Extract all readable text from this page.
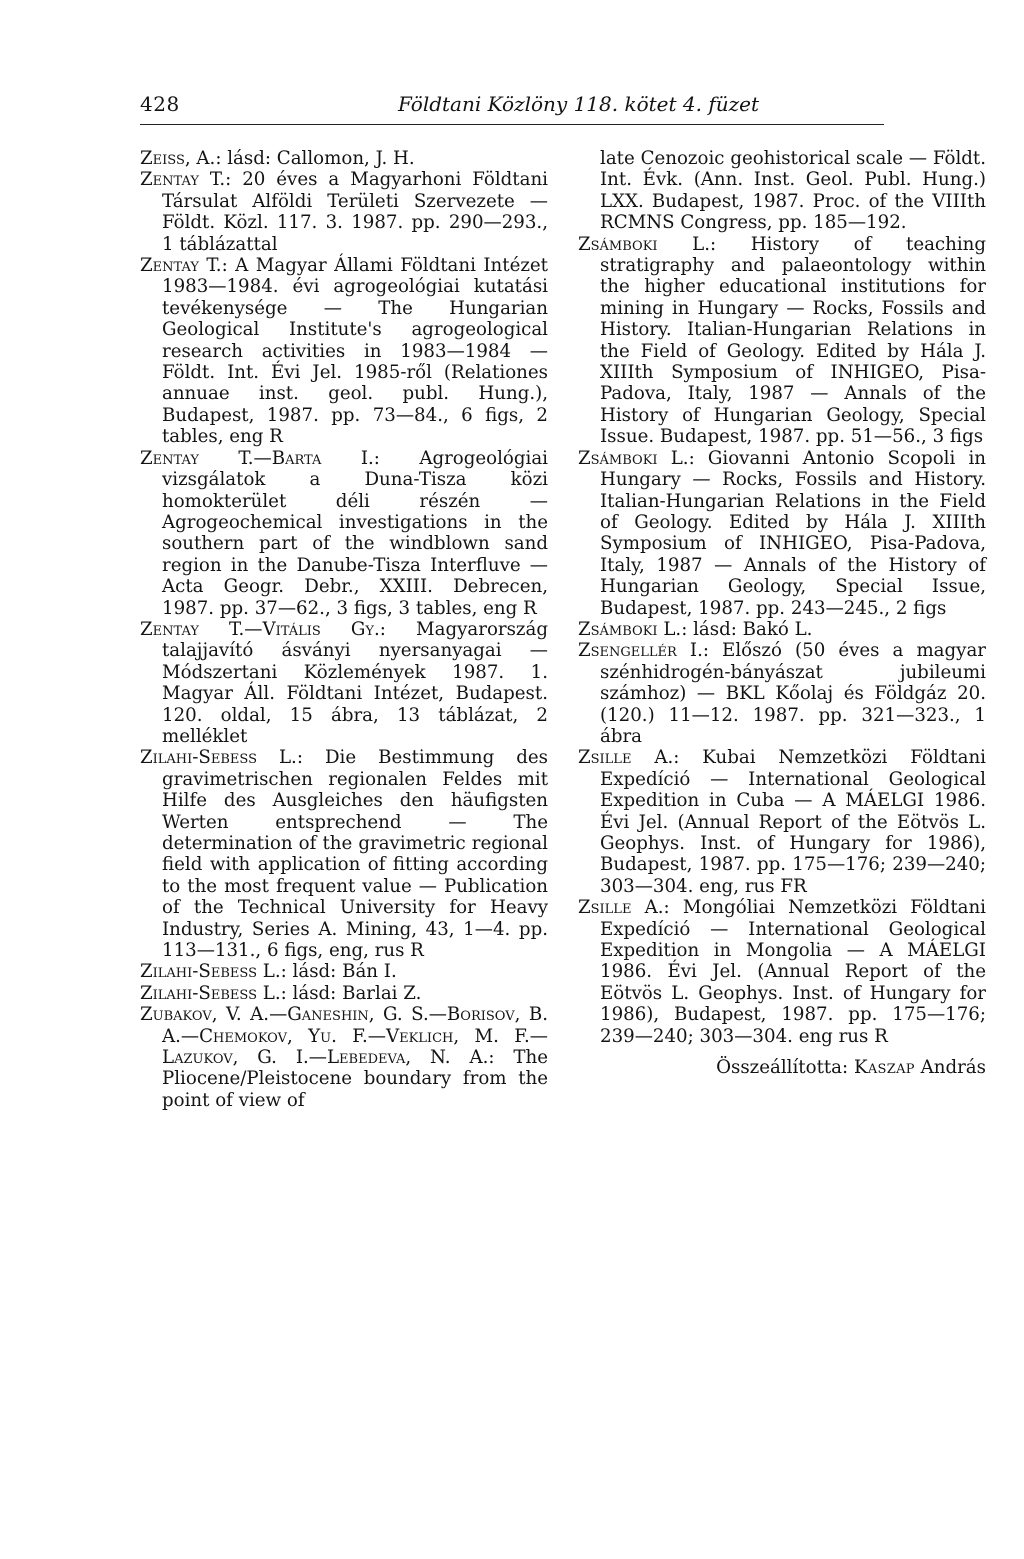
428	Földtani Közlöny 118. kötet 4. füzet

Zeiss, A.: lásd: Callomon, J. H.

Zentay T.: 20 éves a Magyarhoni Földtani Társulat Alföldi Területi Szervezete — Földt. Közl. 117. 3. 1987. pp. 290—293., 1 táblázattal

Zentay T.: A Magyar Állami Földtani Intézet 1983—1984. évi agrogeológiai kutatási tevékenysége — The Hungarian Geological Institute's agrogeological research activities in 1983—1984 — Földt. Int. Évi Jel. 1985-ről (Relationes annuae inst. geol. publ. Hung.), Budapest, 1987. pp. 73—84., 6 figs, 2 tables, eng R

Zentay T.—Barta I.: Agrogeológiai vizsgálatok a Duna-Tisza közi homokterület déli részén — Agrogeochemical investigations in the southern part of the windblown sand region in the Danube-Tisza Interfluve — Acta Geogr. Debr., XXIII. Debrecen, 1987. pp. 37—62., 3 figs, 3 tables, eng R

Zentay T.—Vitális Gy.: Magyarország talajjavító ásványi nyersanyagai — Módszertani Közlemények 1987. 1. Magyar Áll. Földtani Intézet, Budapest. 120. oldal, 15 ábra, 13 táblázat, 2 melléklet

Zilahi-Sebess L.: Die Bestimmung des gravimetrischen regionalen Feldes mit Hilfe des Ausgleiches den häufigsten Werten entsprechend — The determination of the gravimetric regional field with application of fitting according to the most frequent value — Publication of the Technical University for Heavy Industry, Series A. Mining, 43, 1—4. pp. 113—131., 6 figs, eng, rus R

Zilahi-Sebess L.: lásd: Bán I.

Zilahi-Sebess L.: lásd: Barlai Z.

Zubakov, V. A.—Ganeshin, G. S.—Borisov, B. A.—Chemokov, Yu. F.—Veklich, M. F.—Lazukov, G. I.—Lebedeva, N. A.: The Pliocene/Pleistocene boundary from the point of view of

late Cenozoic geohistorical scale — Földt. Int. Évk. (Ann. Inst. Geol. Publ. Hung.) LXX. Budapest, 1987. Proc. of the VIIIth RCMNS Congress, pp. 185—192.

Zsámboki L.: History of teaching stratigraphy and palaeontology within the higher educational institutions for mining in Hungary — Rocks, Fossils and History. Italian-Hungarian Relations in the Field of Geology. Edited by Hála J. XIIIth Symposium of INHIGEO, Pisa-Padova, Italy, 1987 — Annals of the History of Hungarian Geology, Special Issue. Budapest, 1987. pp. 51—56., 3 figs

Zsámboki L.: Giovanni Antonio Scopoli in Hungary — Rocks, Fossils and History. Italian-Hungarian Relations in the Field of Geology. Edited by Hála J. XIIIth Symposium of INHIGEO, Pisa-Padova, Italy, 1987 — Annals of the History of Hungarian Geology, Special Issue, Budapest, 1987. pp. 243—245., 2 figs

Zsámboki L.: lásd: Bakó L.

Zsengellér I.: Előszó (50 éves a magyar szénhidrogén-bányászat jubileumi számhoz) — BKL Kőolaj és Földgáz 20. (120.) 11—12. 1987. pp. 321—323., 1 ábra

Zsille A.: Kubai Nemzetközi Földtani Expedíció — International Geological Expedition in Cuba — A MÁELGI 1986. Évi Jel. (Annual Report of the Eötvös L. Geophys. Inst. of Hungary for 1986), Budapest, 1987. pp. 175—176; 239—240; 303—304. eng, rus FR

Zsille A.: Mongóliai Nemzetközi Földtani Expedíció — International Geological Expedition in Mongolia — A MÁELGI 1986. Évi Jel. (Annual Report of the Eötvös L. Geophys. Inst. of Hungary for 1986), Budapest, 1987. pp. 175—176; 239—240; 303—304. eng rus R

Összeállította: Kaszap András
